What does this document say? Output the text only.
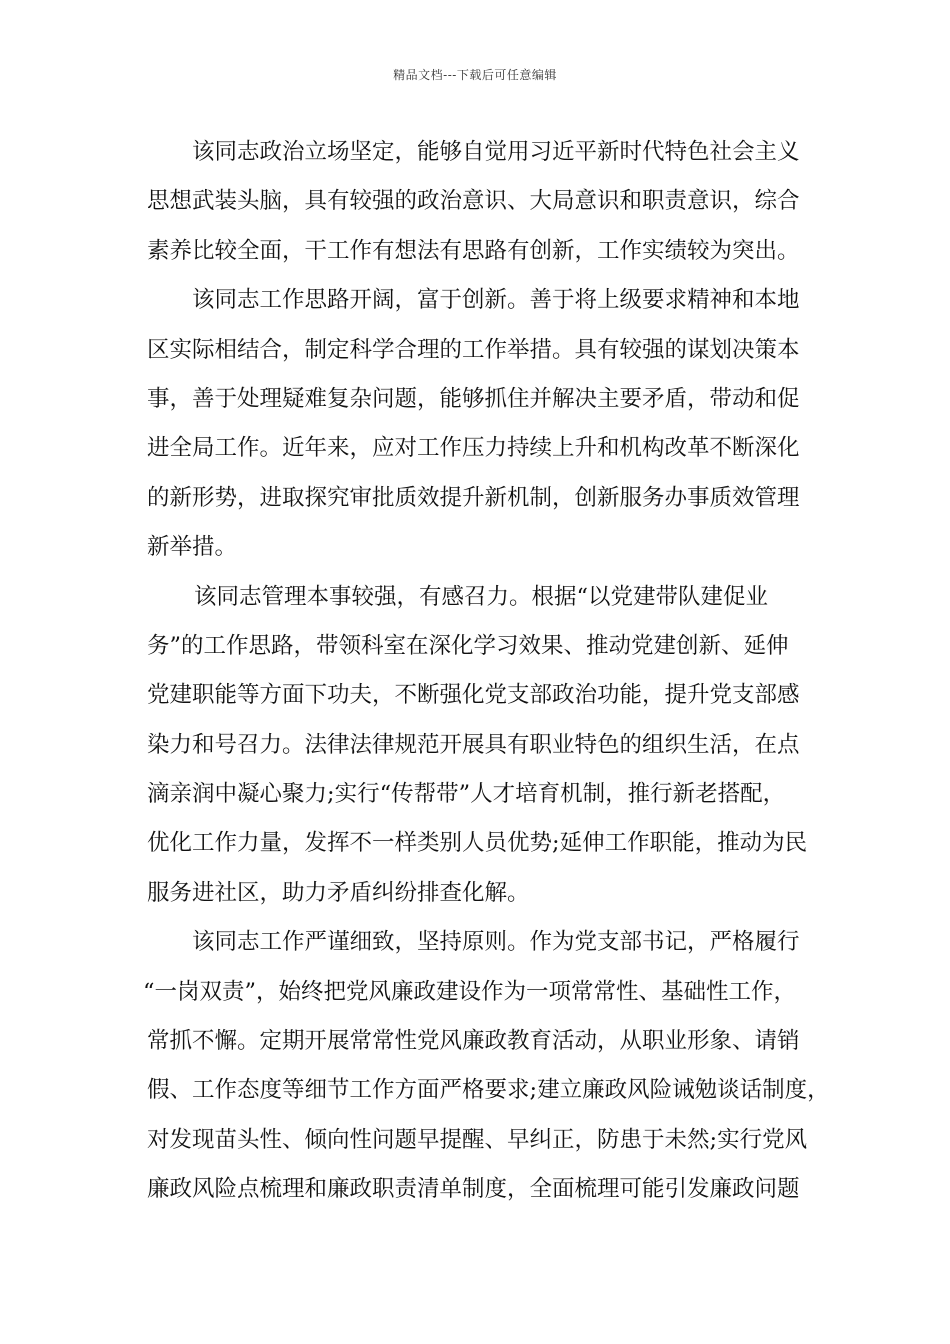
精品文档---下载后可任意编辑
该同志政治立场坚定，能够自觉用习近平新时代特色社会主义
思想武装头脑，具有较强的政治意识、大局意识和职责意识，综合
素养比较全面，干工作有想法有思路有创新，工作实绩较为突出。
该同志工作思路开阔，富于创新。善于将上级要求精神和本地
区实际相结合，制定科学合理的工作举措。具有较强的谋划决策本
事，善于处理疑难复杂问题，能够抓住并解决主要矛盾，带动和促
进全局工作。近年来，应对工作压力持续上升和机构改革不断深化
的新形势，进取探究审批质效提升新机制，创新服务办事质效管理
新举措。
该同志管理本事较强，有感召力。根据“以党建带队建促业
务”的工作思路，带领科室在深化学习效果、推动党建创新、延伸
党建职能等方面下功夫，不断强化党支部政治功能，提升党支部感
染力和号召力。法律法律规范开展具有职业特色的组织生活，在点
滴亲润中凝心聚力;实行“传帮带”人才培育机制，推行新老搭配，
优化工作力量，发挥不一样类别人员优势;延伸工作职能，推动为民
服务进社区，助力矛盾纠纷排查化解。
该同志工作严谨细致，坚持原则。作为党支部书记，严格履行
“一岗双责”，始终把党风廉政建设作为一项常常性、基础性工作，
常抓不懈。定期开展常常性党风廉政教育活动，从职业形象、请销
假、工作态度等细节工作方面严格要求;建立廉政风险诫勉谈话制度，
对发现苗头性、倾向性问题早提醒、早纠正，防患于未然;实行党风
廉政风险点梳理和廉政职责清单制度，全面梳理可能引发廉政问题
